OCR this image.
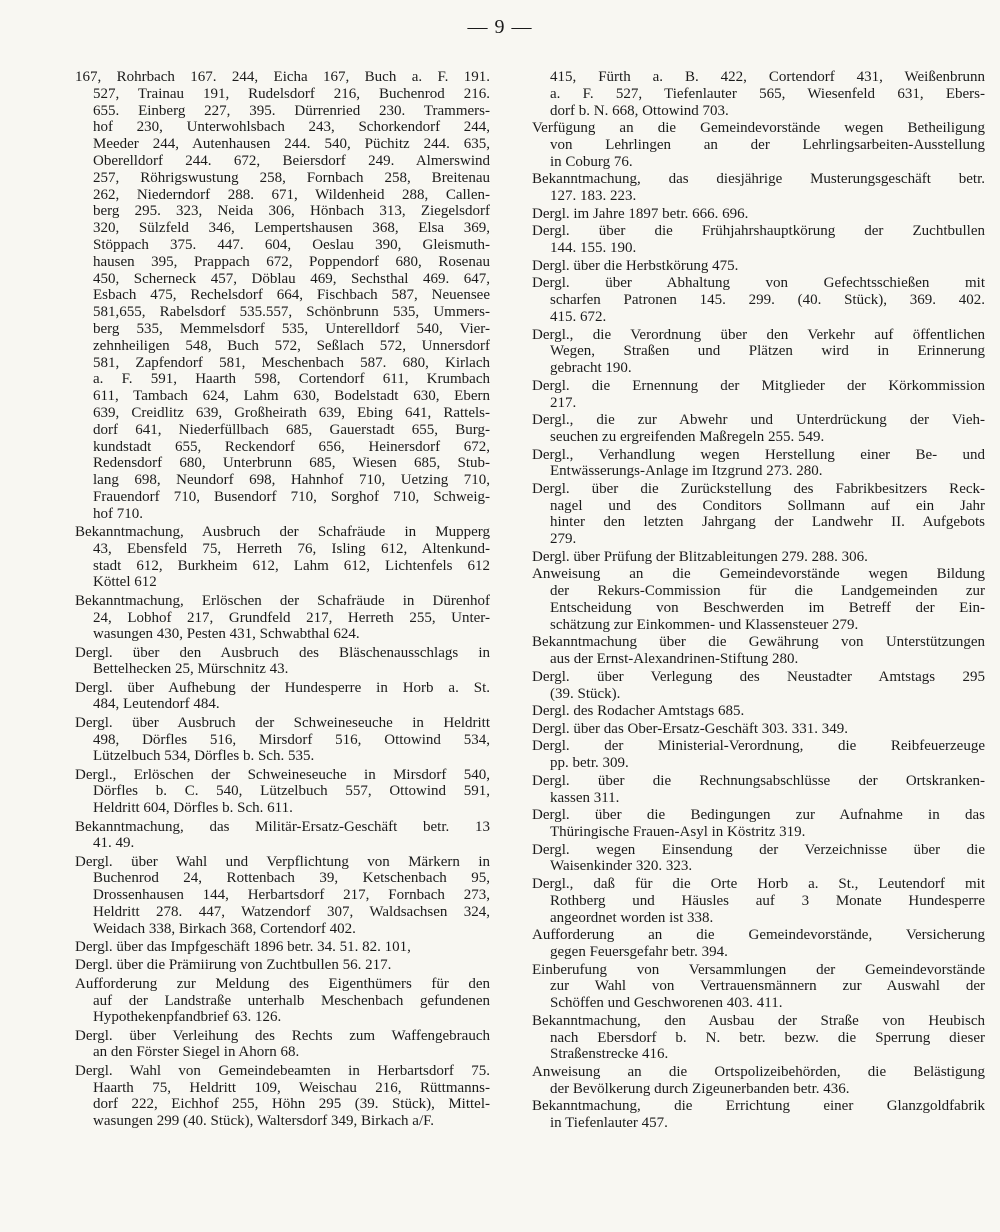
— 9 —
167, Rohrbach 167. 244, Eicha 167, Buch a. F. 191.
527, Trainau 191, Rudelsdorf 216, Buchenrod 216.
655. Einberg 227, 395. Dürrenried 230. Trammers-
hof 230, Unterwohlsbach 243, Schorkendorf 244,
Meeder 244, Autenhausen 244. 540, Püchitz 244. 635,
Oberelldorf 244. 672, Beiersdorf 249. Almerswind
257, Röhrigswustung 258, Fornbach 258, Breitenau
262, Niederndorf 288. 671, Wildenheid 288, Callen-
berg 295. 323, Neida 306, Hönbach 313, Ziegelsdorf
320, Sülzfeld 346, Lempertshausen 368, Elsa 369,
Stöppach 375. 447. 604, Oeslau 390, Gleismuth-
hausen 395, Prappach 672, Poppendorf 680, Rosenau
450, Scherneck 457, Döblau 469, Sechsthal 469. 647,
Esbach 475, Rechelsdorf 664, Fischbach 587, Neuensee
581,655, Rabelsdorf 535.557, Schönbrunn 535, Ummers-
berg 535, Memmelsdorf 535, Unterelldorf 540, Vier-
zehnheiligen 548, Buch 572, Seßlach 572, Unnersdorf
581, Zapfendorf 581, Meschenbach 587. 680, Kirlach
a. F. 591, Haarth 598, Cortendorf 611, Krumbach
611, Tambach 624, Lahm 630, Bodelstadt 630, Ebern
639, Creidlitz 639, Großheirath 639, Ebing 641, Rattels-
dorf 641, Niederfüllbach 685, Gauerstadt 655, Burg-
kundstadt 655, Reckendorf 656, Heinersdorf 672,
Redensdorf 680, Unterbrunn 685, Wiesen 685, Stub-
lang 698, Neundorf 698, Hahnhof 710, Uetzing 710,
Frauendorf 710, Busendorf 710, Sorghof 710, Schweig-
hof 710.
Bekanntmachung, Ausbruch der Schafräude in Mupperg
43, Ebensfeld 75, Herreth 76, Isling 612, Altenkund-
stadt 612, Burkheim 612, Lahm 612, Lichtenfels 612
Köttel 612
Bekanntmachung, Erlöschen der Schafräude in Dürenhof
24, Lobhof 217, Grundfeld 217, Herreth 255, Unter-
wasungen 430, Pesten 431, Schwabthal 624.
Dergl. über den Ausbruch des Bläschenausschlags in
Bettelhecken 25, Mürschnitz 43.
Dergl. über Aufhebung der Hundesperre in Horb a. St.
484, Leutendorf 484.
Dergl. über Ausbruch der Schweineseuche in Heldritt
498, Dörfles 516, Mirsdorf 516, Ottowind 534,
Lützelbuch 534, Dörfles b. Sch. 535.
Dergl., Erlöschen der Schweineseuche in Mirsdorf 540,
Dörfles b. C. 540, Lützelbuch 557, Ottowind 591,
Heldritt 604, Dörfles b. Sch. 611.
Bekanntmachung, das Militär-Ersatz-Geschäft betr. 13
41. 49.
Dergl. über Wahl und Verpflichtung von Märkern in
Buchenrod 24, Rottenbach 39, Ketschenbach 95,
Drossenhausen 144, Herbartsdorf 217, Fornbach 273,
Heldritt 278. 447, Watzendorf 307, Waldsachsen 324,
Weidach 338, Birkach 368, Cortendorf 402.
Dergl. über das Impfgeschäft 1896 betr. 34. 51. 82. 101,
Dergl. über die Prämiirung von Zuchtbullen 56. 217.
Aufforderung zur Meldung des Eigenthümers für den
auf der Landstraße unterhalb Meschenbach gefundenen
Hypothekenpfandbrief 63. 126.
Dergl. über Verleihung des Rechts zum Waffengebrauch
an den Förster Siegel in Ahorn 68.
Dergl. Wahl von Gemeindebeamten in Herbartsdorf 75.
Haarth 75, Heldritt 109, Weischau 216, Rüttmanns-
dorf 222, Eichhof 255, Höhn 295 (39. Stück), Mittel-
wasungen 299 (40. Stück), Waltersdorf 349, Birkach a/F.
415, Fürth a. B. 422, Cortendorf 431, Weißenbrunn
a. F. 527, Tiefenlauter 565, Wiesenfeld 631, Ebers-
dorf b. N. 668, Ottowind 703.
Verfügung an die Gemeindevorstände wegen Betheiligung
von Lehrlingen an der Lehrlingsarbeiten-Ausstellung
in Coburg 76.
Bekanntmachung, das diesjährige Musterungsgeschäft betr.
127. 183. 223.
Dergl. im Jahre 1897 betr. 666. 696.
Dergl. über die Frühjahrshauptkörung der Zuchtbullen
144. 155. 190.
Dergl. über die Herbstkörung 475.
Dergl. über Abhaltung von Gefechtsschießen mit
scharfen Patronen 145. 299. (40. Stück), 369. 402.
415. 672.
Dergl., die Verordnung über den Verkehr auf öffentlichen
Wegen, Straßen und Plätzen wird in Erinnerung
gebracht 190.
Dergl. die Ernennung der Mitglieder der Körkommission
217.
Dergl., die zur Abwehr und Unterdrückung der Vieh-
seuchen zu ergreifenden Maßregeln 255. 549.
Dergl., Verhandlung wegen Herstellung einer Be- und
Entwässerungs-Anlage im Itzgrund 273. 280.
Dergl. über die Zurückstellung des Fabrikbesitzers Reck-
nagel und des Conditors Sollmann auf ein Jahr
hinter den letzten Jahrgang der Landwehr II. Aufgebots
279.
Dergl. über Prüfung der Blitzableitungen 279. 288. 306.
Anweisung an die Gemeindevorstände wegen Bildung
der Rekurs-Commission für die Landgemeinden zur
Entscheidung von Beschwerden im Betreff der Ein-
schätzung zur Einkommen- und Klassensteuer 279.
Bekanntmachung über die Gewährung von Unterstützungen
aus der Ernst-Alexandrinen-Stiftung 280.
Dergl. über Verlegung des Neustadter Amtstags 295
(39. Stück).
Dergl. des Rodacher Amtstags 685.
Dergl. über das Ober-Ersatz-Geschäft 303. 331. 349.
Dergl. der Ministerial-Verordnung, die Reibfeuerzeuge
pp. betr. 309.
Dergl. über die Rechnungsabschlüsse der Ortskranken-
kassen 311.
Dergl. über die Bedingungen zur Aufnahme in das
Thüringische Frauen-Asyl in Köstritz 319.
Dergl. wegen Einsendung der Verzeichnisse über die
Waisenkinder 320. 323.
Dergl., daß für die Orte Horb a. St., Leutendorf mit
Rothberg und Häusles auf 3 Monate Hundesperre
angeordnet worden ist 338.
Aufforderung an die Gemeindevorstände, Versicherung
gegen Feuersgefahr betr. 394.
Einberufung von Versammlungen der Gemeindevorstände
zur Wahl von Vertrauensmännern zur Auswahl der
Schöffen und Geschworenen 403. 411.
Bekanntmachung, den Ausbau der Straße von Heubisch
nach Ebersdorf b. N. betr. bezw. die Sperrung dieser
Straßenstrecke 416.
Anweisung an die Ortspolizeibehörden, die Belästigung
der Bevölkerung durch Zigeunerbanden betr. 436.
Bekanntmachung, die Errichtung einer Glanzgoldfabrik
in Tiefenlauter 457.
